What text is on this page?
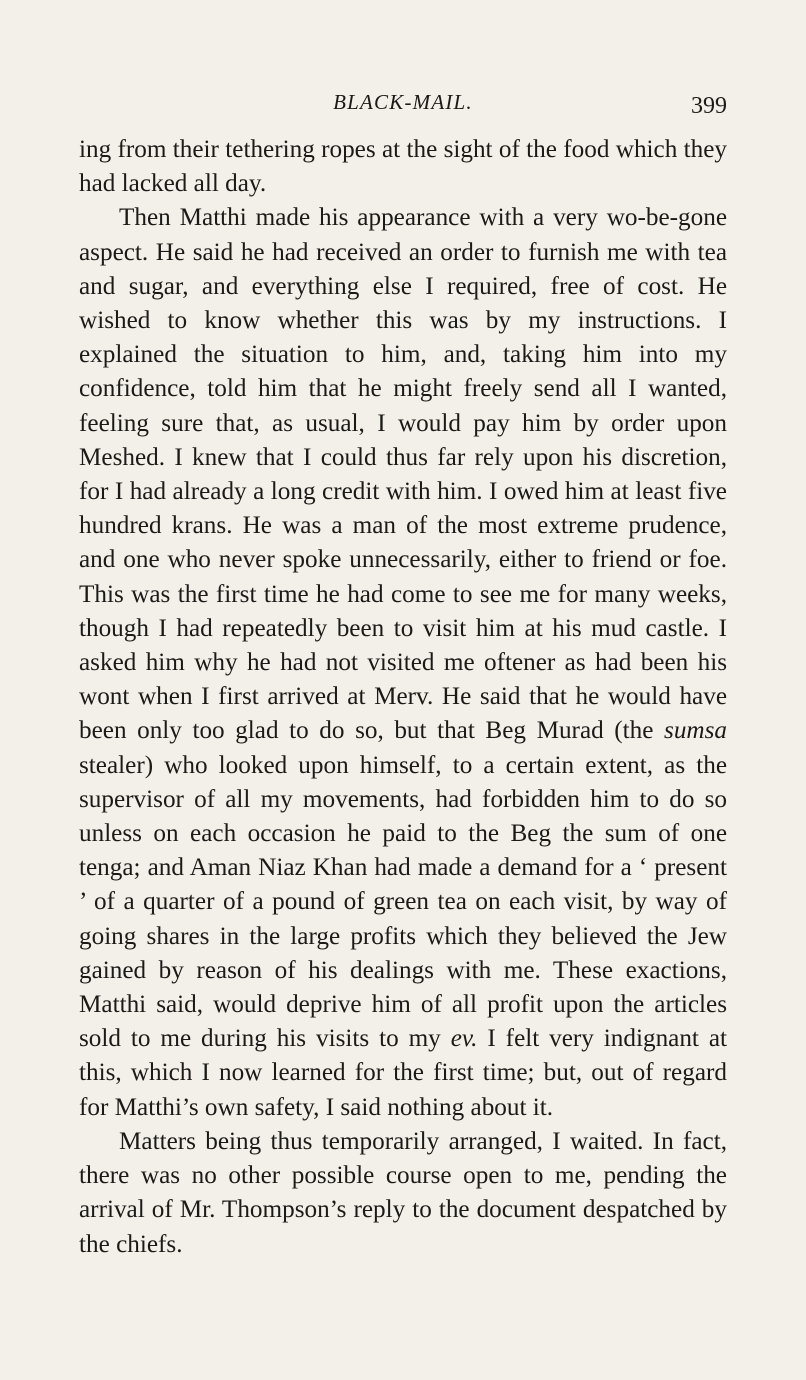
BLACK-MAIL.	399

ing from their tethering ropes at the sight of the food which they had lacked all day.

Then Matthi made his appearance with a very wo-be-gone aspect. He said he had received an order to furnish me with tea and sugar, and everything else I required, free of cost. He wished to know whether this was by my instructions. I explained the situation to him, and, taking him into my confidence, told him that he might freely send all I wanted, feeling sure that, as usual, I would pay him by order upon Meshed. I knew that I could thus far rely upon his discretion, for I had already a long credit with him. I owed him at least five hundred krans. He was a man of the most extreme prudence, and one who never spoke unnecessarily, either to friend or foe. This was the first time he had come to see me for many weeks, though I had repeatedly been to visit him at his mud castle. I asked him why he had not visited me oftener as had been his wont when I first arrived at Merv. He said that he would have been only too glad to do so, but that Beg Murad (the sumsa stealer) who looked upon himself, to a certain extent, as the supervisor of all my movements, had forbidden him to do so unless on each occasion he paid to the Beg the sum of one tenga; and Aman Niaz Khan had made a demand for a ‘ present ’ of a quarter of a pound of green tea on each visit, by way of going shares in the large profits which they believed the Jew gained by reason of his dealings with me. These exactions, Matthi said, would deprive him of all profit upon the articles sold to me during his visits to my ev. I felt very indignant at this, which I now learned for the first time; but, out of regard for Matthi’s own safety, I said nothing about it.

Matters being thus temporarily arranged, I waited. In fact, there was no other possible course open to me, pending the arrival of Mr. Thompson’s reply to the document despatched by the chiefs.
